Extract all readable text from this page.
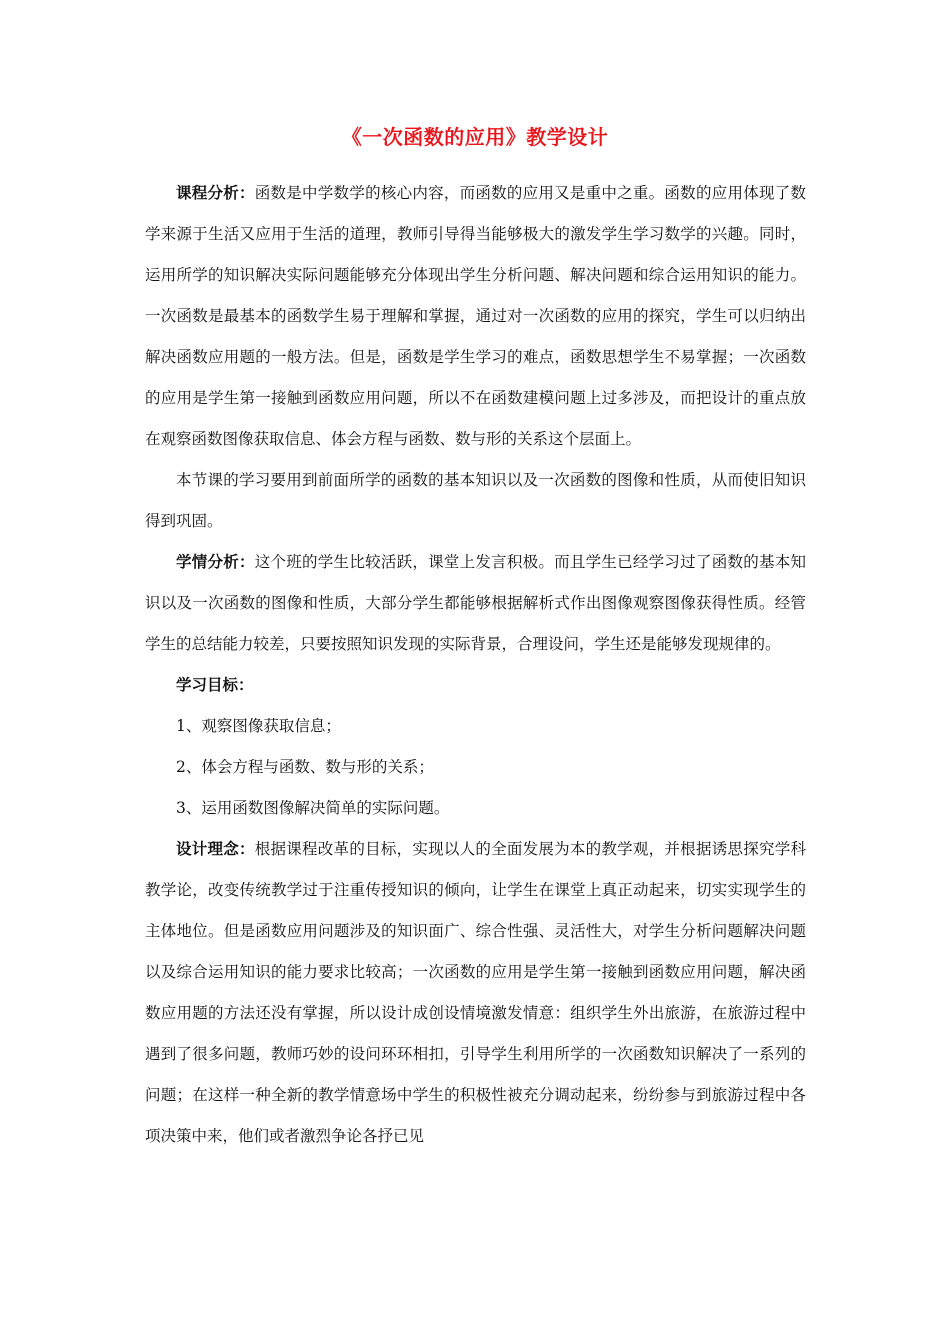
《一次函数的应用》教学设计

课程分析：函数是中学数学的核心内容，而函数的应用又是重中之重。函数的应用体现了数学来源于生活又应用于生活的道理，教师引导得当能够极大的激发学生学习数学的兴趣。同时，运用所学的知识解决实际问题能够充分体现出学生分析问题、解决问题和综合运用知识的能力。一次函数是最基本的函数学生易于理解和掌握，通过对一次函数的应用的探究，学生可以归纳出解决函数应用题的一般方法。但是，函数是学生学习的难点，函数思想学生不易掌握；一次函数的应用是学生第一接触到函数应用问题，所以不在函数建模问题上过多涉及，而把设计的重点放在观察函数图像获取信息、体会方程与函数、数与形的关系这个层面上。

本节课的学习要用到前面所学的函数的基本知识以及一次函数的图像和性质，从而使旧知识得到巩固。

学情分析：这个班的学生比较活跃，课堂上发言积极。而且学生已经学习过了函数的基本知识以及一次函数的图像和性质，大部分学生都能够根据解析式作出图像观察图像获得性质。经管学生的总结能力较差，只要按照知识发现的实际背景，合理设问，学生还是能够发现规律的。

学习目标：

1、观察图像获取信息；

2、体会方程与函数、数与形的关系；

3、运用函数图像解决简单的实际问题。

设计理念：根据课程改革的目标，实现以人的全面发展为本的教学观，并根据诱思探究学科教学论，改变传统教学过于注重传授知识的倾向，让学生在课堂上真正动起来，切实实现学生的主体地位。但是函数应用问题涉及的知识面广、综合性强、灵活性大，对学生分析问题解决问题以及综合运用知识的能力要求比较高；一次函数的应用是学生第一接触到函数应用问题，解决函数应用题的方法还没有掌握，所以设计成创设情境激发情意：组织学生外出旅游，在旅游过程中遇到了很多问题，教师巧妙的设问环环相扣，引导学生利用所学的一次函数知识解决了一系列的问题；在这样一种全新的教学情意场中学生的积极性被充分调动起来，纷纷参与到旅游过程中各项决策中来，他们或者激烈争论各抒已见
